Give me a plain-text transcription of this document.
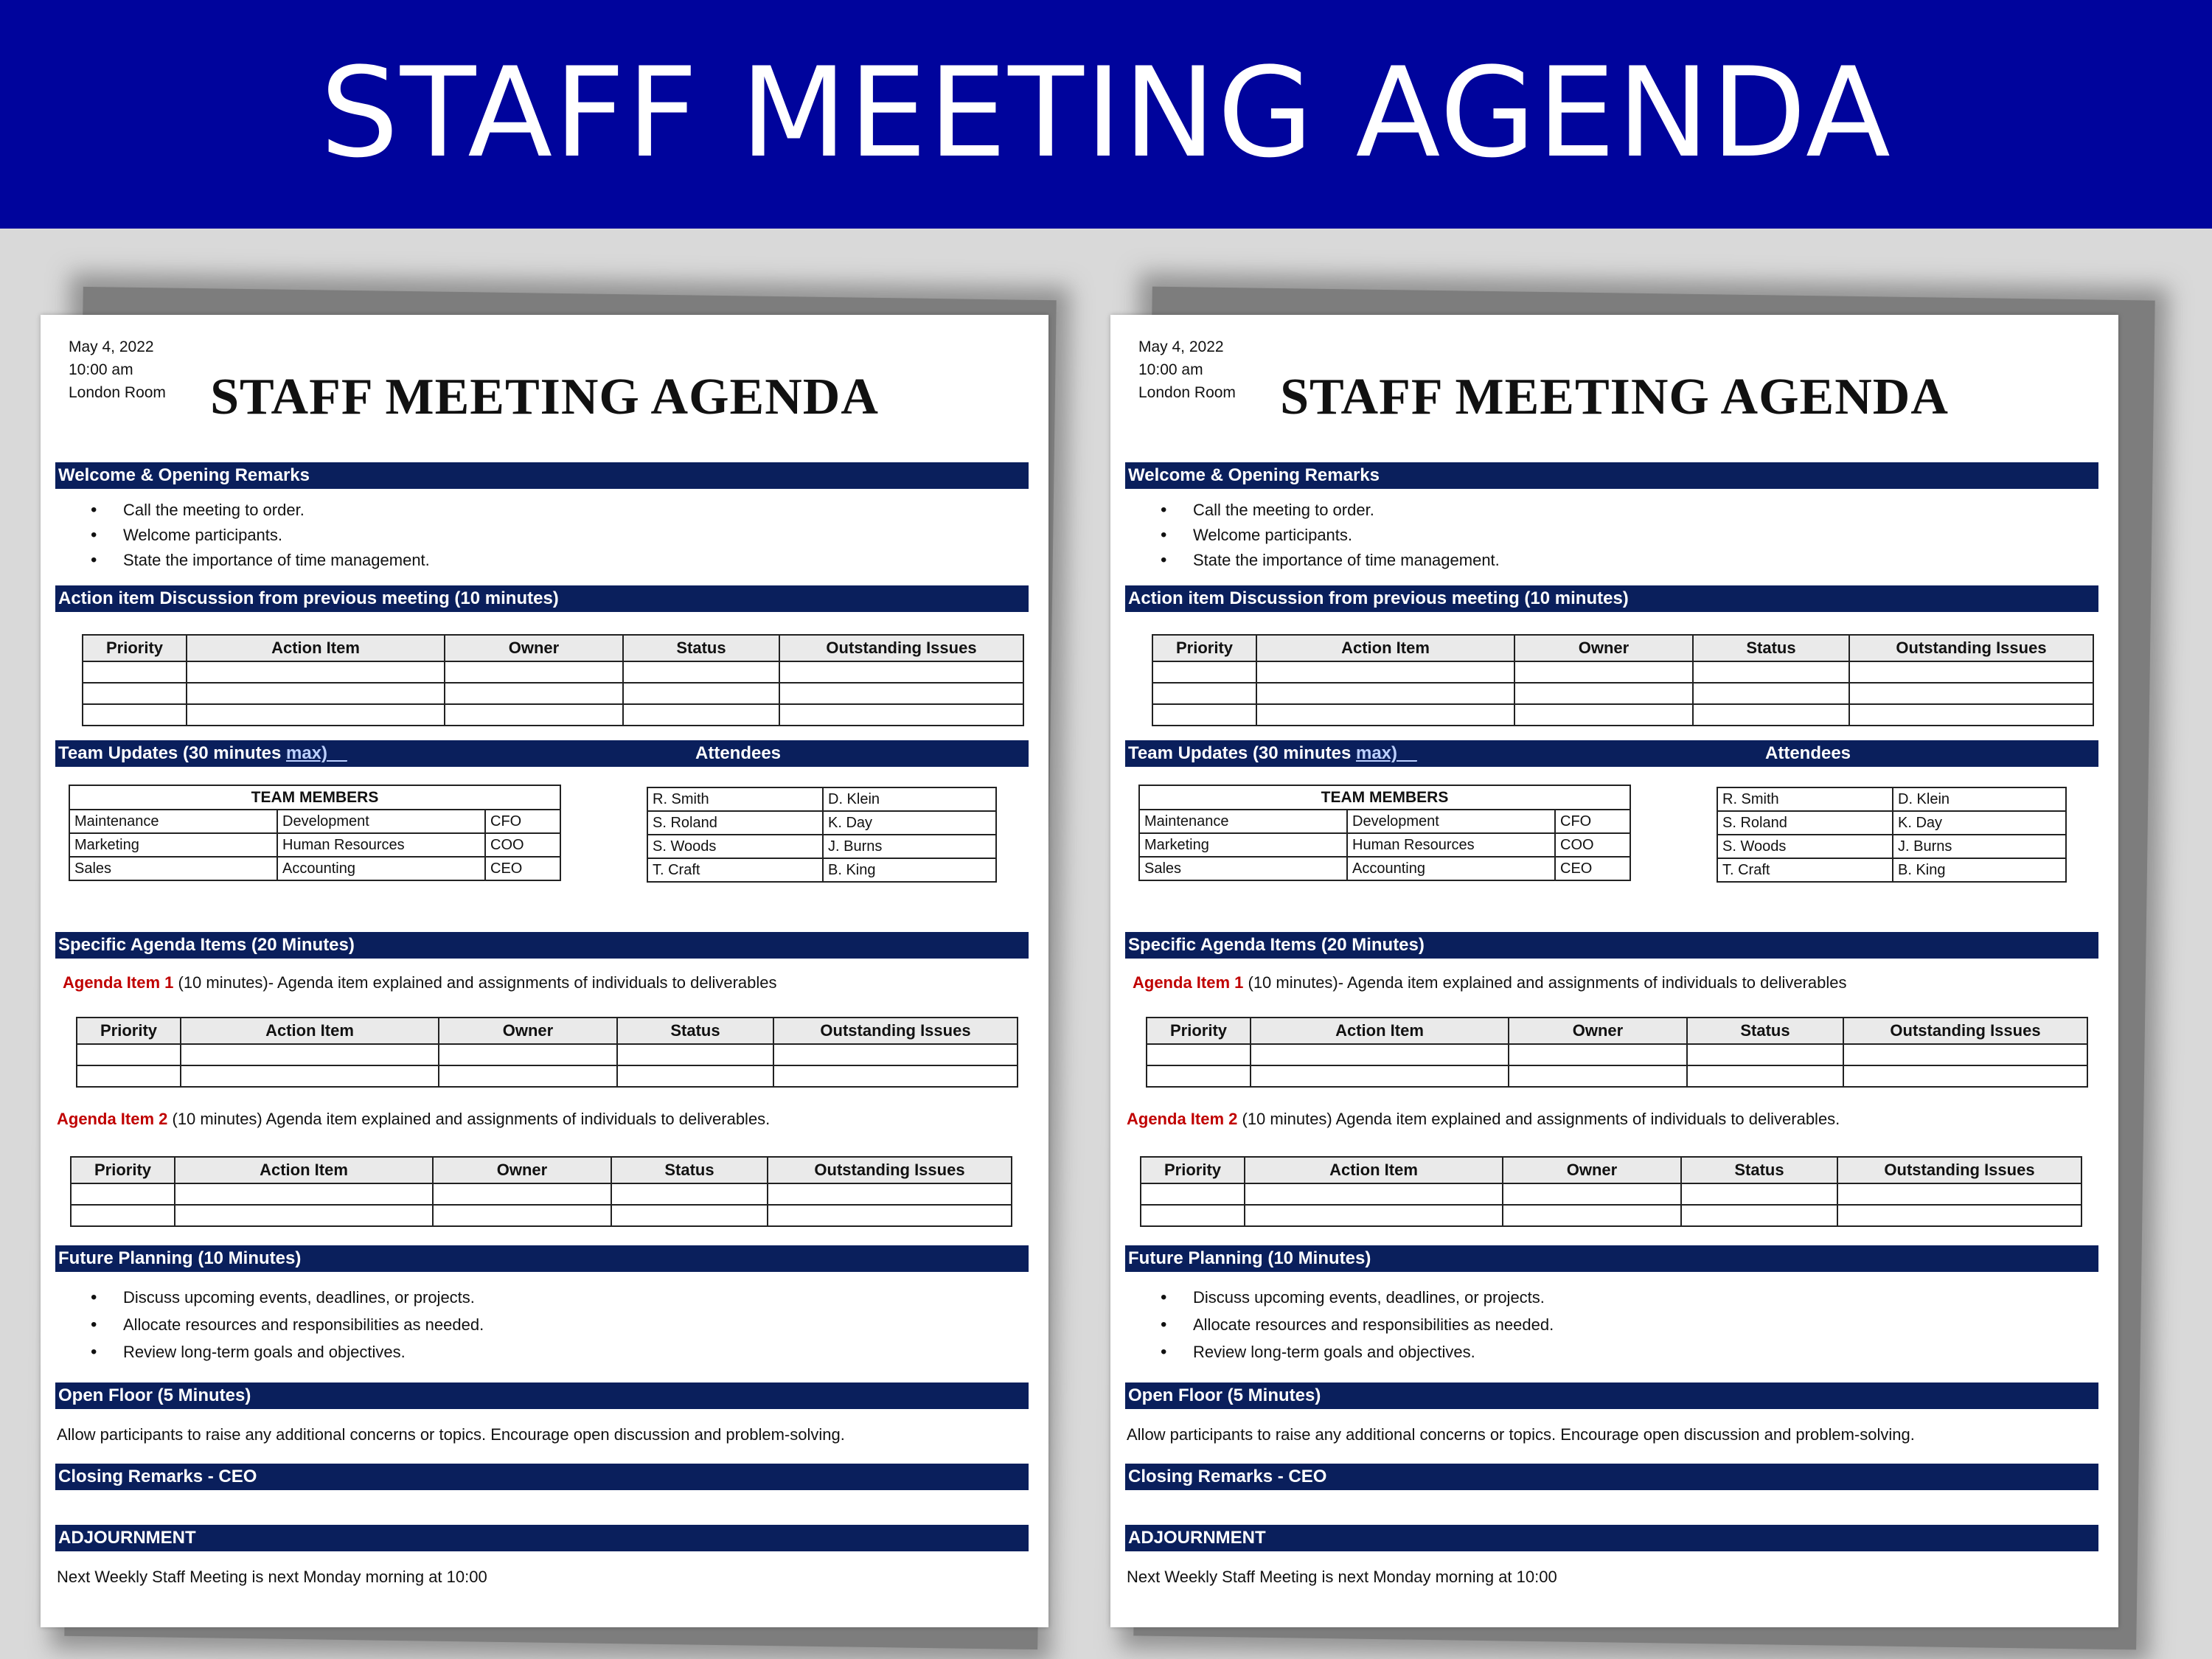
STAFF MEETING AGENDA
May 4, 2022
10:00 am
London Room STAFF MEETING AGENDA
Welcome & Opening Remarks
• Call the meeting to order.
• Welcome participants.
• State the importance of time management.
Action item Discussion from previous meeting (10 minutes)
Priority	Action Item	Owner	Status	Outstanding Issues

Team Updates (30 minutes max)__	Attendees
TEAM MEMBERS		
Maintenance	Development	CFO
Marketing	Human Resources	COO
Sales	Accounting	CEO
R. Smith	D. Klein
S. Roland	K. Day
S. Woods	J. Burns
T. Craft	B. King
Specific Agenda Items (20 Minutes)
Agenda Item 1 (10 minutes)- Agenda item explained and assignments of individuals to deliverables
Priority	Action Item	Owner	Status	Outstanding Issues

Agenda Item 2 (10 minutes) Agenda item explained and assignments of individuals to deliverables.
Priority	Action Item	Owner	Status	Outstanding Issues

Future Planning (10 Minutes)
• Discuss upcoming events, deadlines, or projects.
• Allocate resources and responsibilities as needed.
• Review long-term goals and objectives.
Open Floor (5 Minutes)
Allow participants to raise any additional concerns or topics. Encourage open discussion and problem-solving.
Closing Remarks - CEO
ADJOURNMENT
Next Weekly Staff Meeting is next Monday morning at 10:00
May 4, 2022
10:00 am
London Room STAFF MEETING AGENDA
Welcome & Opening Remarks
• Call the meeting to order.
• Welcome participants.
• State the importance of time management.
Action item Discussion from previous meeting (10 minutes)
Priority	Action Item	Owner	Status	Outstanding Issues

Team Updates (30 minutes max)__	Attendees
TEAM MEMBERS		
Maintenance	Development	CFO
Marketing	Human Resources	COO
Sales	Accounting	CEO
R. Smith	D. Klein
S. Roland	K. Day
S. Woods	J. Burns
T. Craft	B. King
Specific Agenda Items (20 Minutes)
Agenda Item 1 (10 minutes)- Agenda item explained and assignments of individuals to deliverables
Priority	Action Item	Owner	Status	Outstanding Issues

Agenda Item 2 (10 minutes) Agenda item explained and assignments of individuals to deliverables.
Priority	Action Item	Owner	Status	Outstanding Issues

Future Planning (10 Minutes)
• Discuss upcoming events, deadlines, or projects.
• Allocate resources and responsibilities as needed.
• Review long-term goals and objectives.
Open Floor (5 Minutes)
Allow participants to raise any additional concerns or topics. Encourage open discussion and problem-solving.
Closing Remarks - CEO
ADJOURNMENT
Next Weekly Staff Meeting is next Monday morning at 10:00
